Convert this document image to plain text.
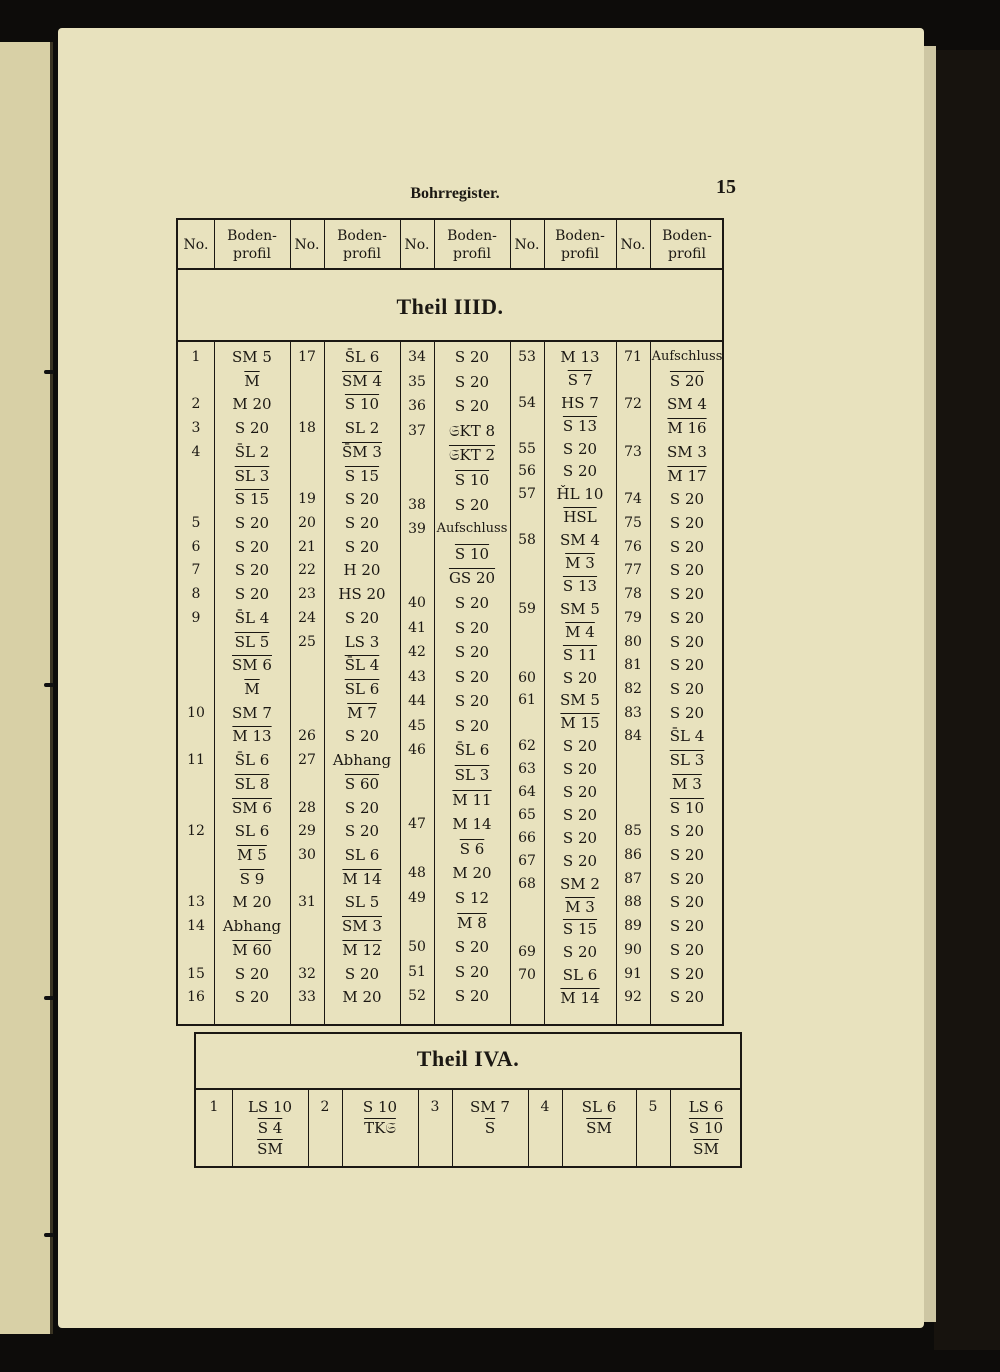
Bohrregister.	15
Theil IIID.
No.
Boden-
profil
No.
Boden-
profil
No.
Boden-
profil
No.
Boden-
profil
No.
Boden-
profil
1 SM 5
$\overline{M}$
2 M 20
3 S 20
4 S̄L 2
SL 3
S 15
5 S 20
6 S 20
7 S 20
8 S 20
9 S̄L 4
SL 5
SM 6
$\overline{M}$
10 SM 7
M 13
11 S̄L 6
SL 8
SM 6
12 SL 6
M 5
S 9
13 M 20
14 Abhang
M 60
15 S 20
16 S 20
17 S̄L 6
SM 4
S 10
18 SL 2
S̄M 3
S 15
19 S 20
20 S 20
21 S 20
22 H 20
23 HS 20
24 S 20
25 LS 3
S̄L 4
SL 6
M 7
26 S 20
27 Abhang
S 60
28 S 20
29 S 20
30 SL 6
M 14
31 SL 5
SM 3
M 12
32 S 20
33 M 20
34 S 20
35 S 20
36 S 20
37 𝔖KT 8
𝔖KT 2
S 10
38 S 20
39 Aufschluss
S 10
GS 20
40 S 20
41 S 20
42 S 20
43 S 20
44 S 20
45 S 20
46 S̄L 6
SL 3
M 11
47 M 14
S 6
48 M 20
49 S 12
M 8
50 S 20
51 S 20
52 S 20
53 M 13
S 7
54 HS 7
S 13
55 S 20
56 S 20
57 ȞL 10
$\overline{HSL}$
58 SM 4
M 3
S 13
59 SM 5
M 4
S 11
60 S 20
61 SM 5
M 15
62 S 20
63 S 20
64 S 20
65 S 20
66 S 20
67 S 20
68 SM 2
M 3
S 15
69 S 20
70 SL 6
M 14
71 Aufschluss
S 20
72 SM 4
M 16
73 SM 3
M 17
74 S 20
75 S 20
76 S 20
77 S 20
78 S 20
79 S 20
80 S 20
81 S 20
82 S 20
83 S 20
84 S̄L 4
SL 3
M 3
S 10
85 S 20
86 S 20
87 S 20
88 S 20
89 S 20
90 S 20
91 S 20
92 S 20
Theil IVA.
1 LS 10
S 4
$\overline{SM}$
2 S 10
TK𝔖
3 SM 7
$\overline{S}$
4 SL 6
$\overline{SM}$
5 LS 6
S 10
$\overline{SM}$
